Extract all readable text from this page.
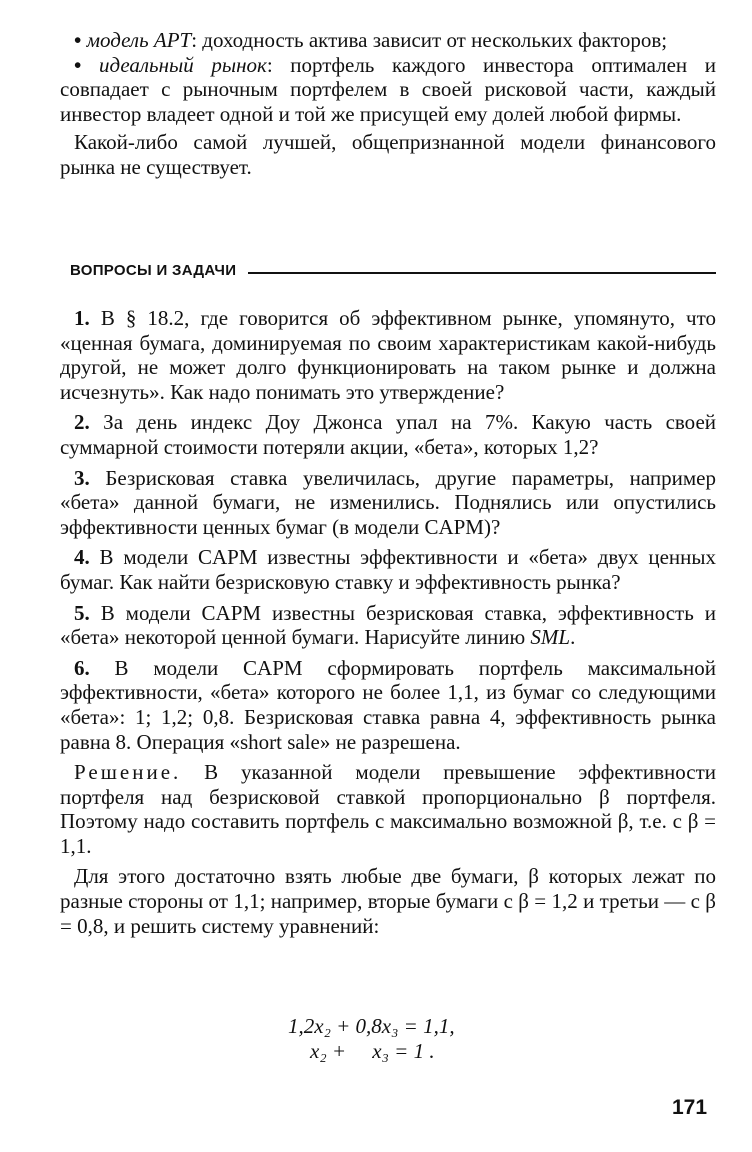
• модель APT: доходность актива зависит от нескольких факторов;

• идеальный рынок: портфель каждого инвестора оптимален и совпадает с рыночным портфелем в своей рисковой части, каждый инвестор владеет одной и той же присущей ему долей любой фирмы.

Какой-либо самой лучшей, общепризнанной модели финансового рынка не существует.

ВОПРОСЫ И ЗАДАЧИ

1. В § 18.2, где говорится об эффективном рынке, упомянуто, что «ценная бумага, доминируемая по своим характеристикам какой-нибудь другой, не может долго функционировать на таком рынке и должна исчезнуть». Как надо понимать это утверждение?

2. За день индекс Доу Джонса упал на 7%. Какую часть своей суммарной стоимости потеряли акции, «бета», которых 1,2?

3. Безрисковая ставка увеличилась, другие параметры, например «бета» данной бумаги, не изменились. Поднялись или опустились эффективности ценных бумаг (в модели CAPM)?

4. В модели CAPM известны эффективности и «бета» двух ценных бумаг. Как найти безрисковую ставку и эффективность рынка?

5. В модели CAPM известны безрисковая ставка, эффективность и «бета» некоторой ценной бумаги. Нарисуйте линию SML.

6. В модели CAPM сформировать портфель максимальной эффективности, «бета» которого не более 1,1, из бумаг со следующими «бета»: 1; 1,2; 0,8. Безрисковая ставка равна 4, эффективность рынка равна 8. Операция «short sale» не разрешена.

Решение. В указанной модели превышение эффективности портфеля над безрисковой ставкой пропорционально β портфеля. Поэтому надо составить портфель с максимально возможной β, т.е. с β = 1,1.

Для этого достаточно взять любые две бумаги, β которых лежат по разные стороны от 1,1; например, вторые бумаги с β = 1,2 и третьи — с β = 0,8, и решить систему уравнений:

1,2x₂ + 0,8x₃ = 1,1,
x₂ +     x₃ = 1 .
171
